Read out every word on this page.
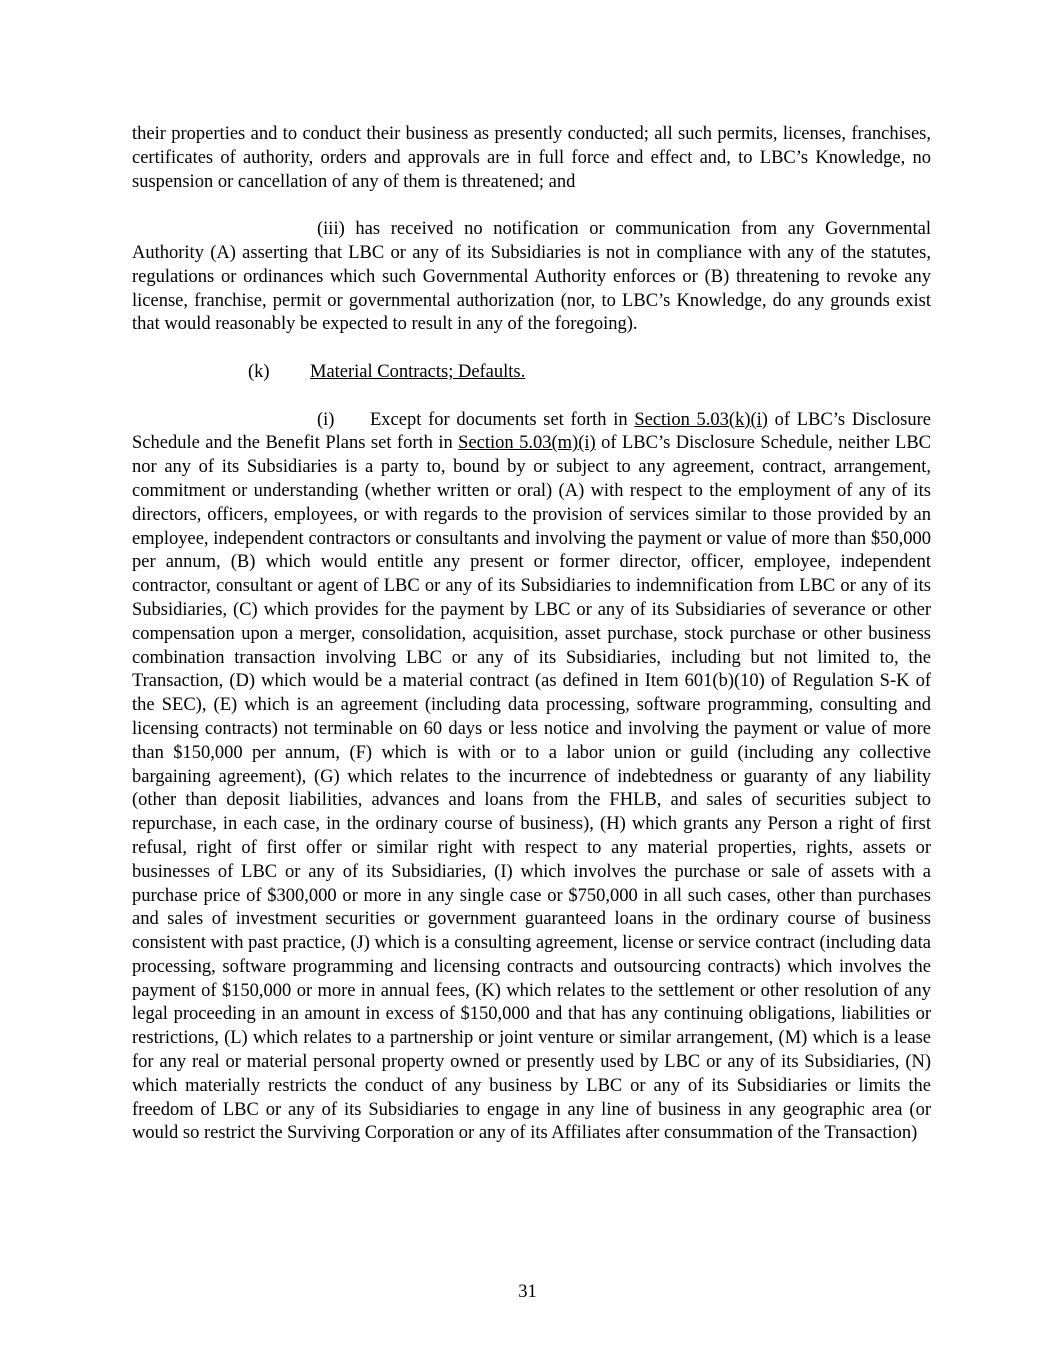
their properties and to conduct their business as presently conducted; all such permits, licenses, franchises, certificates of authority, orders and approvals are in full force and effect and, to LBC’s Knowledge, no suspension or cancellation of any of them is threatened; and

(iii) has received no notification or communication from any Governmental Authority (A) asserting that LBC or any of its Subsidiaries is not in compliance with any of the statutes, regulations or ordinances which such Governmental Authority enforces or (B) threatening to revoke any license, franchise, permit or governmental authorization (nor, to LBC’s Knowledge, do any grounds exist that would reasonably be expected to result in any of the foregoing).

(k) Material Contracts; Defaults.

(i) Except for documents set forth in Section 5.03(k)(i) of LBC’s Disclosure Schedule and the Benefit Plans set forth in Section 5.03(m)(i) of LBC’s Disclosure Schedule, neither LBC nor any of its Subsidiaries is a party to, bound by or subject to any agreement, contract, arrangement, commitment or understanding (whether written or oral) (A) with respect to the employment of any of its directors, officers, employees, or with regards to the provision of services similar to those provided by an employee, independent contractors or consultants and involving the payment or value of more than $50,000 per annum, (B) which would entitle any present or former director, officer, employee, independent contractor, consultant or agent of LBC or any of its Subsidiaries to indemnification from LBC or any of its Subsidiaries, (C) which provides for the payment by LBC or any of its Subsidiaries of severance or other compensation upon a merger, consolidation, acquisition, asset purchase, stock purchase or other business combination transaction involving LBC or any of its Subsidiaries, including but not limited to, the Transaction, (D) which would be a material contract (as defined in Item 601(b)(10) of Regulation S-K of the SEC), (E) which is an agreement (including data processing, software programming, consulting and licensing contracts) not terminable on 60 days or less notice and involving the payment or value of more than $150,000 per annum, (F) which is with or to a labor union or guild (including any collective bargaining agreement), (G) which relates to the incurrence of indebtedness or guaranty of any liability (other than deposit liabilities, advances and loans from the FHLB, and sales of securities subject to repurchase, in each case, in the ordinary course of business), (H) which grants any Person a right of first refusal, right of first offer or similar right with respect to any material properties, rights, assets or businesses of LBC or any of its Subsidiaries, (I) which involves the purchase or sale of assets with a purchase price of $300,000 or more in any single case or $750,000 in all such cases, other than purchases and sales of investment securities or government guaranteed loans in the ordinary course of business consistent with past practice, (J) which is a consulting agreement, license or service contract (including data processing, software programming and licensing contracts and outsourcing contracts) which involves the payment of $150,000 or more in annual fees, (K) which relates to the settlement or other resolution of any legal proceeding in an amount in excess of $150,000 and that has any continuing obligations, liabilities or restrictions, (L) which relates to a partnership or joint venture or similar arrangement, (M) which is a lease for any real or material personal property owned or presently used by LBC or any of its Subsidiaries, (N) which materially restricts the conduct of any business by LBC or any of its Subsidiaries or limits the freedom of LBC or any of its Subsidiaries to engage in any line of business in any geographic area (or would so restrict the Surviving Corporation or any of its Affiliates after consummation of the Transaction)

31
